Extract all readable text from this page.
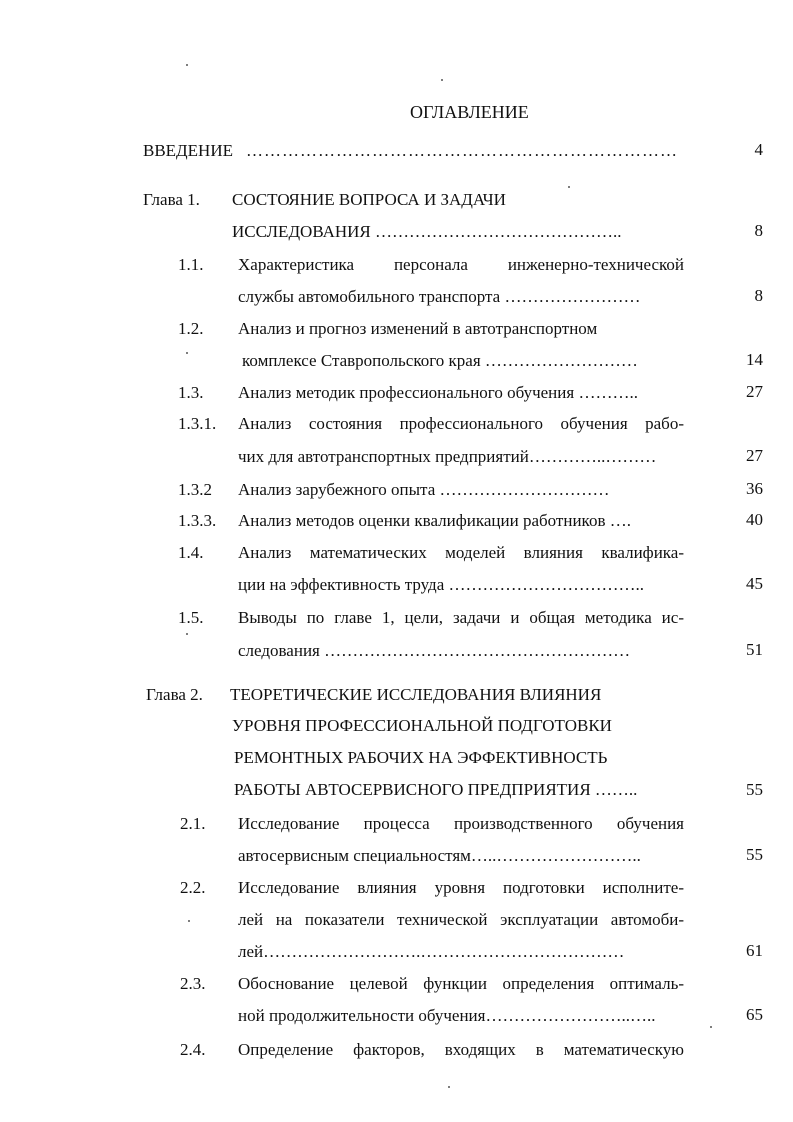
ОГЛАВЛЕНИЕ
ВВЕДЕНИЕ ………………………………………………………………	4
Глава 1. СОСТОЯНИЕ ВОПРОСА И ЗАДАЧИ
ИССЛЕДОВАНИЯ ……………………………………..	8
1.1. Характеристика персонала инженерно-технической
службы автомобильного транспорта ……………………	8
1.2. Анализ и прогноз изменений в автотранспортном
комплексе Ставропольского края ………………………	14
1.3. Анализ методик профессионального обучения ………..	27
1.3.1. Анализ состояния профессионального обучения рабо-
чих для автотранспортных предприятий…………..………	27
1.3.2 Анализ зарубежного опыта …………………………	36
1.3.3. Анализ методов оценки квалификации работников ….	40
1.4. Анализ математических моделей влияния квалифика-
ции на эффективность труда ……………………………..	45
1.5. Выводы по главе 1, цели, задачи и общая методика ис-
следования ………………………………………………	51
Глава 2. ТЕОРЕТИЧЕСКИЕ ИССЛЕДОВАНИЯ ВЛИЯНИЯ
УРОВНЯ ПРОФЕССИОНАЛЬНОЙ ПОДГОТОВКИ
РЕМОНТНЫХ РАБОЧИХ НА ЭФФЕКТИВНОСТЬ
РАБОТЫ АВТОСЕРВИСНОГО ПРЕДПРИЯТИЯ ……..	55
2.1. Исследование процесса производственного обучения
автосервисным специальностям…..……………………..	55
2.2. Исследование влияния уровня подготовки исполните-
лей на показатели технической эксплуатации автомоби-
лей……………………….………………………………	61
2.3. Обоснование целевой функции определения оптималь-
ной продолжительности обучения……………………..…..	65
2.4. Определение факторов, входящих в математическую
